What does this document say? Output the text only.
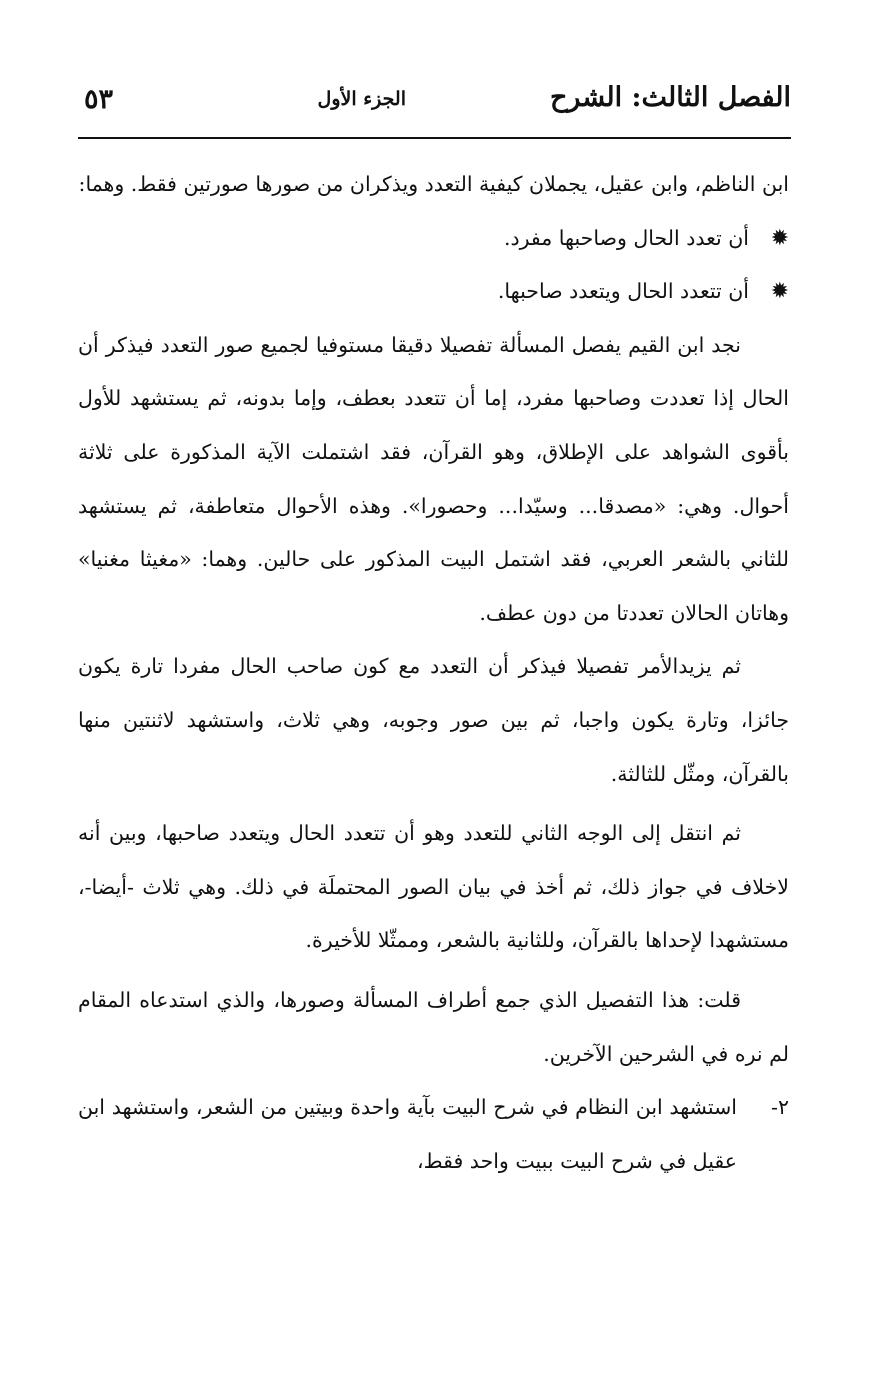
الفصل الثالث: الشرح
الجزء الأول
٥٣

ابن الناظم، وابن عقيل، يجملان كيفية التعدد ويذكران من صورها صورتين فقط. وهما:

✹
أن تعدد الحال وصاحبها مفرد.

✹
أن تتعدد الحال ويتعدد صاحبها.

نجد ابن القيم يفصل المسألة تفصيلا دقيقا مستوفيا لجميع صور التعدد فيذكر أن الحال إذا تعددت وصاحبها مفرد، إما أن تتعدد بعطف، وإما بدونه، ثم يستشهد للأول بأقوى الشواهد على الإطلاق، وهو القرآن، فقد اشتملت الآية المذكورة على ثلاثة أحوال. وهي: «مصدقا... وسيّدا... وحصورا». وهذه الأحوال متعاطفة، ثم يستشهد للثاني بالشعر العربي، فقد اشتمل البيت المذكور على حالين. وهما: «مغيثا مغنيا» وهاتان الحالان تعددتا من دون عطف.

ثم يزيدالأمر تفصيلا فيذكر أن التعدد مع كون صاحب الحال مفردا تارة يكون جائزا، وتارة يكون واجبا، ثم بين صور وجوبه، وهي ثلاث، واستشهد لاثنتين منها بالقرآن، ومثّل للثالثة.

ثم انتقل إلى الوجه الثاني للتعدد وهو أن تتعدد الحال ويتعدد صاحبها، وبين أنه لاخلاف في جواز ذلك، ثم أخذ في بيان الصور المحتملَة في ذلك. وهي ثلاث -أيضا-، مستشهدا لإحداها بالقرآن، وللثانية بالشعر، وممثّلا للأخيرة.

قلت: هذا التفصيل الذي جمع أطراف المسألة وصورها، والذي استدعاه المقام لم نره في الشرحين الآخرين.

٢-
استشهد ابن النظام في شرح البيت بآية واحدة وبيتين من الشعر، واستشهد ابن عقيل في شرح البيت ببيت واحد فقط،
